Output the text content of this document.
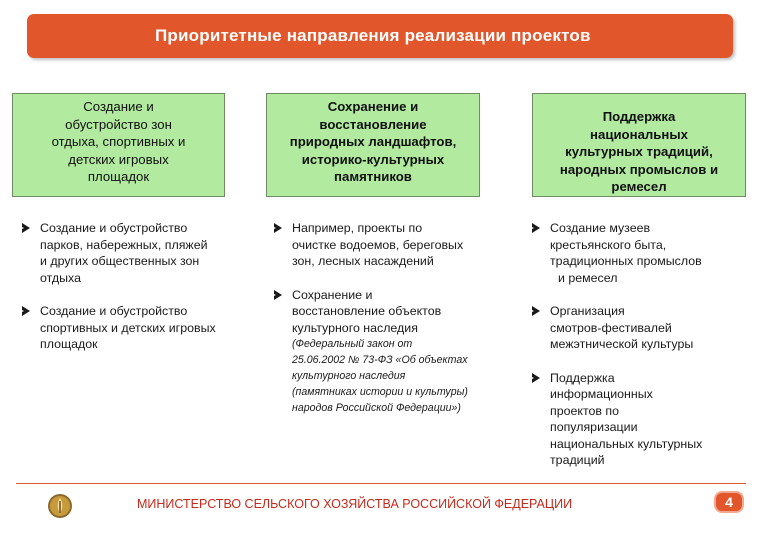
Приоритетные направления реализации проектов
Создание и
обустройство зон
отдыха, спортивных и
детских игровых
площадок
Сохранение и
восстановление
природных ландшафтов,
историко-культурных
памятников
Поддержка
национальных
культурных традиций,
народных промыслов и
ремесел
Создание и обустройство
парков, набережных, пляжей
и других общественных зон
отдыха
Создание и обустройство
спортивных и детских игровых
площадок
Например, проекты по
очистке водоемов, береговых
зон, лесных насаждений
Сохранение и
восстановление объектов
культурного наследия
(Федеральный закон от
25.06.2002 № 73-ФЗ «Об объектах
культурного наследия
(памятниках истории и культуры)
народов Российской Федерации»)
Создание музеев
крестьянского быта,
традиционных промыслов
и ремесел
Организация
смотров-фестивалей
межэтнической культуры
Поддержка
информационных
проектов по
популяризации
национальных культурных
традиций
МИНИСТЕРСТВО СЕЛЬСКОГО ХОЗЯЙСТВА РОССИЙСКОЙ ФЕДЕРАЦИИ	4
